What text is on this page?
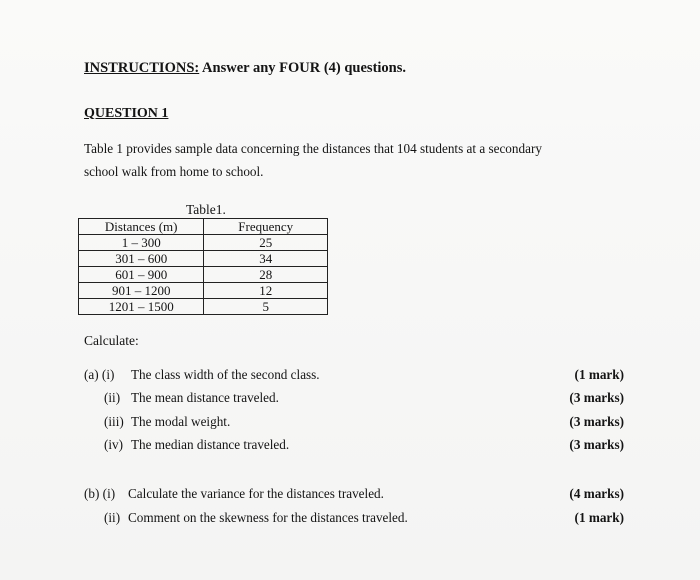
INSTRUCTIONS: Answer any FOUR (4) questions.
QUESTION 1
Table 1 provides sample data concerning the distances that 104 students at a secondary school walk from home to school.
Table1.
Distances (m)	Frequency
1 – 300	25
301 – 600	34
601 – 900	28
901 – 1200	12
1201 – 1500	5
Calculate:
(a) (i) The class width of the second class.	(1 mark)
(ii) The mean distance traveled.	(3 marks)
(iii) The modal weight.	(3 marks)
(iv) The median distance traveled.	(3 marks)
(b) (i) Calculate the variance for the distances traveled.	(4 marks)
(ii) Comment on the skewness for the distances traveled.	(1 mark)
